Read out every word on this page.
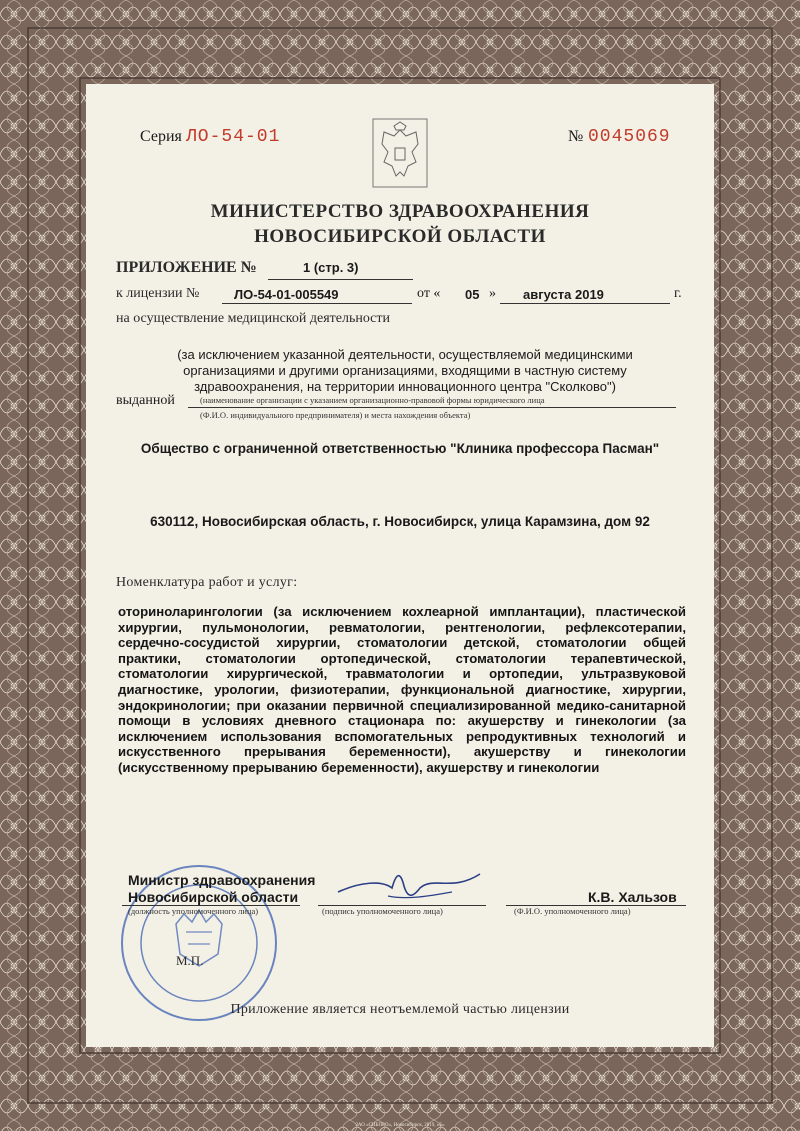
Серия ЛО-54-01	№ 0045069
МИНИСТЕРСТВО ЗДРАВООХРАНЕНИЯ
НОВОСИБИРСКОЙ ОБЛАСТИ
ПРИЛОЖЕНИЕ №	1 (стр. 3)
к лицензии №	ЛО-54-01-005549	от « 05 » августа 2019	г.
на осуществление медицинской деятельности
(за исключением указанной деятельности, осуществляемой медицинскими
организациями и другими организациями, входящими в частную систему
здравоохранения, на территории инновационного центра "Сколково")
выданной	(наименование организации с указанием организационно-правовой формы юридического лица
(Ф.И.О. индивидуального предпринимателя) и места нахождения объекта)
Общество с ограниченной ответственностью "Клиника профессора Пасман"
630112, Новосибирская область, г. Новосибирск, улица Карамзина, дом 92
Номенклатура работ и услуг:
оториноларингологии (за исключением кохлеарной имплантации), пластической хирургии, пульмонологии, ревматологии, рентгенологии, рефлексотерапии, сердечно-сосудистой хирургии, стоматологии детской, стоматологии общей практики, стоматологии ортопедической, стоматологии терапевтической, стоматологии хирургической, травматологии и ортопедии, ультразвуковой диагностике, урологии, физиотерапии, функциональной диагностике, хирургии, эндокринологии; при оказании первичной специализированной медико-санитарной помощи в условиях дневного стационара по: акушерству и гинекологии (за исключением использования вспомогательных репродуктивных технологий и искусственного прерывания беременности), акушерству и гинекологии (искусственному прерыванию беременности), акушерству и гинекологии
М.П.
Министр здравоохранения
Новосибирской области
(должность уполномоченного лица)	(подпись уполномоченного лица)
К.В. Хальзов
(Ф.И.О. уполномоченного лица)
Приложение является неотъемлемой частью лицензии
ЗАО «СИБПРО», Новосибирск, 2019, «Б»
